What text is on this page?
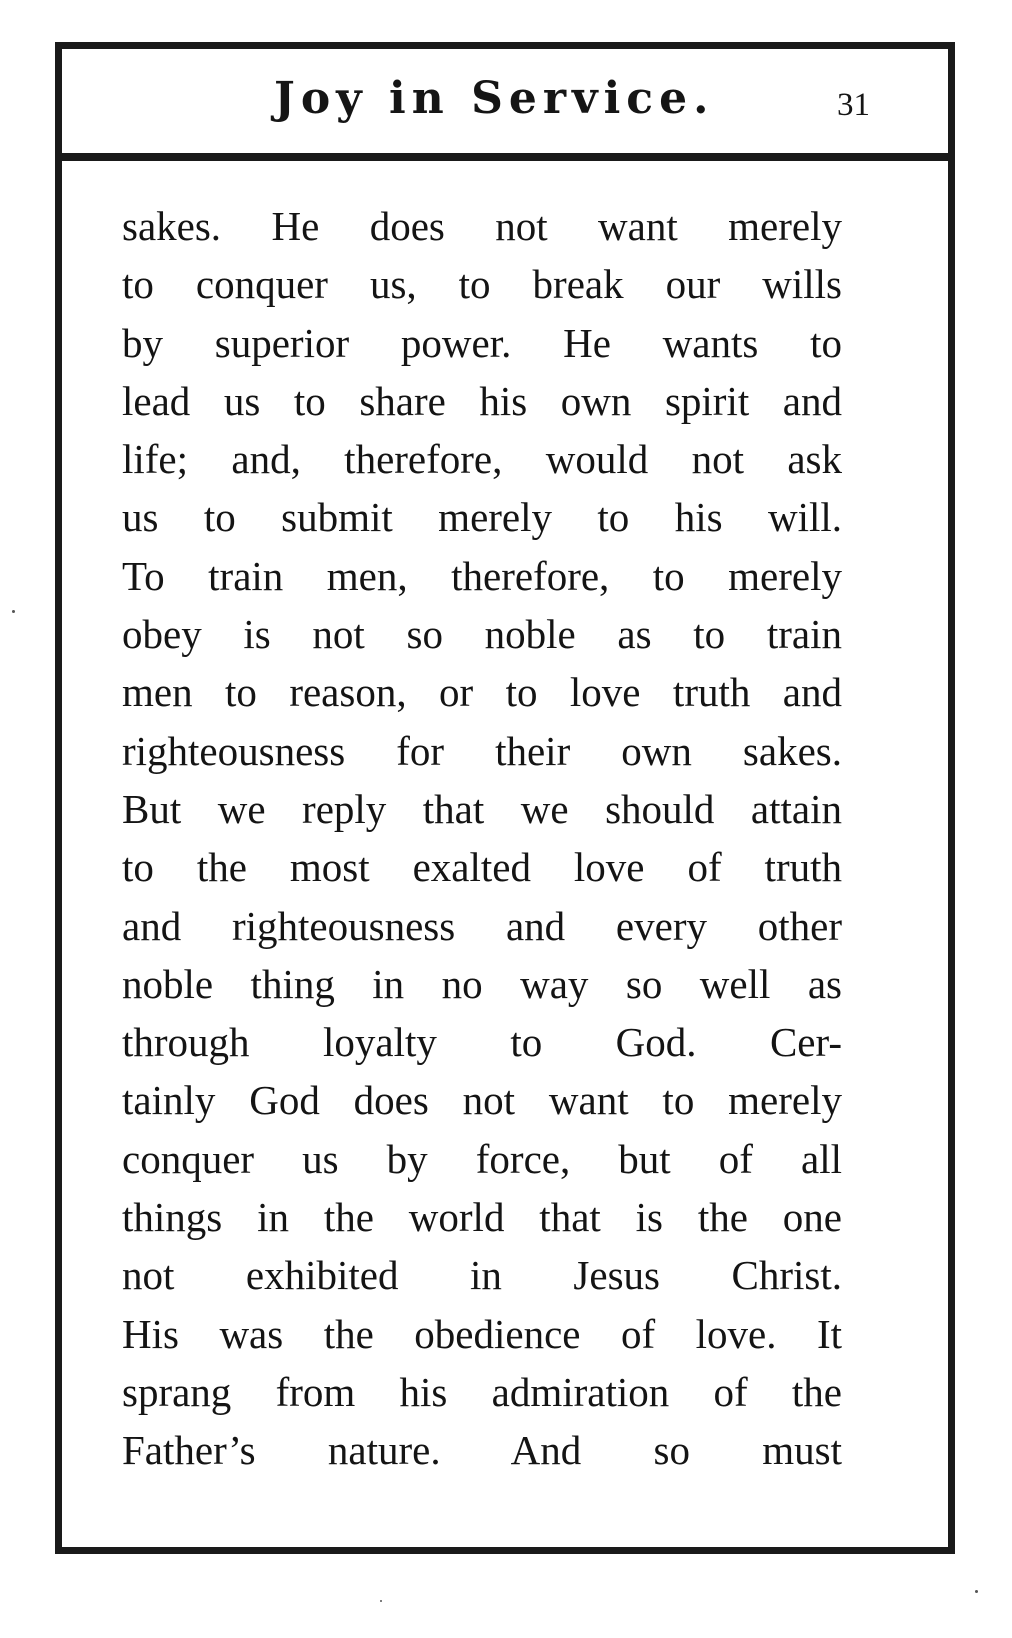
Joy in Service.	31
sakes. He does not want merely
to conquer us, to break our wills
by superior power. He wants to
lead us to share his own spirit and
life; and, therefore, would not ask
us to submit merely to his will.
To train men, therefore, to merely
obey is not so noble as to train
men to reason, or to love truth and
righteousness for their own sakes.
But we reply that we should attain
to the most exalted love of truth
and righteousness and every other
noble thing in no way so well as
through loyalty to God. Cer-
tainly God does not want to merely
conquer us by force, but of all
things in the world that is the one
not exhibited in Jesus Christ.
His was the obedience of love. It
sprang from his admiration of the
Father’s nature. And so must
